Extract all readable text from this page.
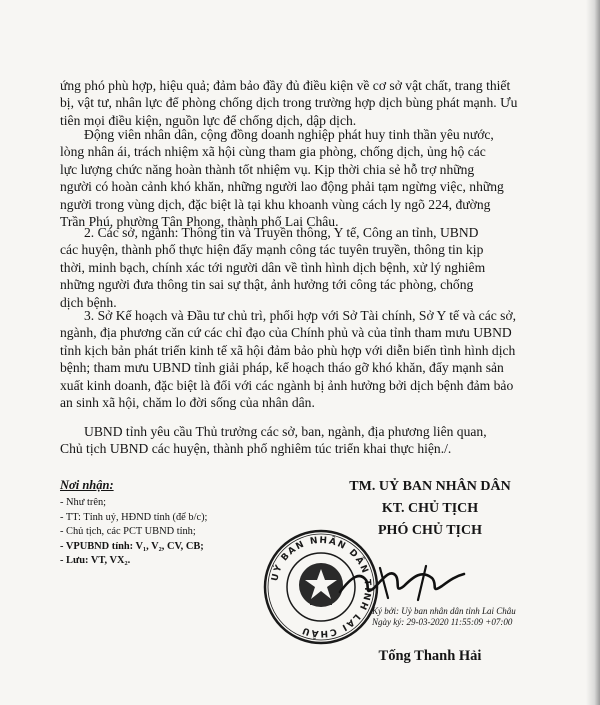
ứng phó phù hợp, hiệu quả; đảm bảo đầy đủ điều kiện về cơ sở vật chất, trang thiết
bị, vật tư, nhân lực để phòng chống dịch trong trường hợp dịch bùng phát mạnh. Ưu
tiên mọi điều kiện, nguồn lực để chống dịch, dập dịch.

Động viên nhân dân, cộng đồng doanh nghiệp phát huy tinh thần yêu nước,
lòng nhân ái, trách nhiệm xã hội cùng tham gia phòng, chống dịch, ủng hộ các
lực lượng chức năng hoàn thành tốt nhiệm vụ. Kịp thời chia sẻ hỗ trợ những
người có hoàn cảnh khó khăn, những người lao động phải tạm ngừng việc, những
người trong vùng dịch, đặc biệt là tại khu khoanh vùng cách ly ngõ 224, đường
Trần Phú, phường Tân Phong, thành phố Lai Châu.

2. Các sở, ngành: Thông tin và Truyền thông, Y tế, Công an tỉnh, UBND
các huyện, thành phố thực hiện đẩy mạnh công tác tuyên truyền, thông tin kịp
thời, minh bạch, chính xác tới người dân về tình hình dịch bệnh, xử lý nghiêm
những người đưa thông tin sai sự thật, ảnh hưởng tới công tác phòng, chống
dịch bệnh.

3. Sở Kế hoạch và Đầu tư chủ trì, phối hợp với Sở Tài chính, Sở Y tế và các sở,
ngành, địa phương căn cứ các chỉ đạo của Chính phủ và của tỉnh tham mưu UBND
tỉnh kịch bản phát triển kinh tế xã hội đảm bảo phù hợp với diễn biến tình hình dịch
bệnh; tham mưu UBND tỉnh giải pháp, kế hoạch tháo gỡ khó khăn, đẩy mạnh sản
xuất kinh doanh, đặc biệt là đối với các ngành bị ảnh hưởng bởi dịch bệnh đảm bảo
an sinh xã hội, chăm lo đời sống của nhân dân.

UBND tỉnh yêu cầu Thủ trưởng các sở, ban, ngành, địa phương liên quan,
Chủ tịch UBND các huyện, thành phố nghiêm túc triển khai thực hiện./.

Nơi nhận:
- Như trên;
- TT: Tỉnh uỷ, HĐND tỉnh (để b/c);
- Chủ tịch, các PCT UBND tỉnh;
- VPUBND tỉnh: V₁, V₂, CV, CB;
- Lưu: VT, VX₂.
TM. UỶ BAN NHÂN DÂN
KT. CHỦ TỊCH
PHÓ CHỦ TỊCH
UỶ BAN NHÂN DÂN TỈNH LAI CHÂU
Ký bởi: Uỷ ban nhân dân tỉnh Lai Châu
Ngày ký: 29-03-2020 11:55:09 +07:00
Tống Thanh Hải
